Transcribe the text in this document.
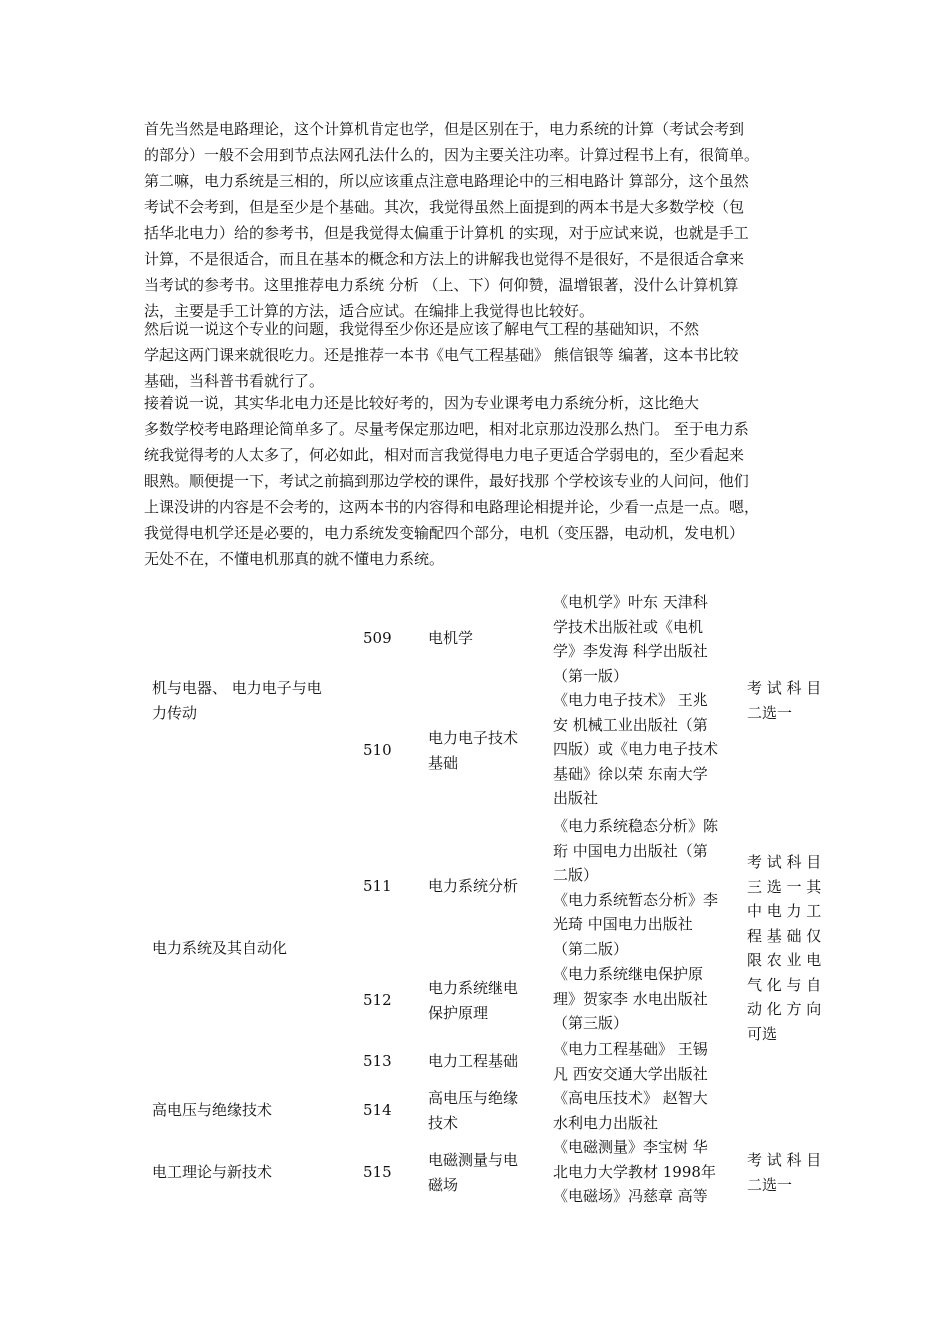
首先当然是电路理论，这个计算机肯定也学，但是区别在于，电力系统的计算（考试会考到
的部分）一般不会用到节点法网孔法什么的，因为主要关注功率。计算过程书上有，很简单。
第二嘛，电力系统是三相的，所以应该重点注意电路理论中的三相电路计 算部分，这个虽然
考试不会考到，但是至少是个基础。其次，我觉得虽然上面提到的两本书是大多数学校（包
括华北电力）给的参考书，但是我觉得太偏重于计算机 的实现，对于应试来说，也就是手工
计算，不是很适合，而且在基本的概念和方法上的讲解我也觉得不是很好，不是很适合拿来
当考试的参考书。这里推荐电力系统 分析 （上、下）何仰赞，温增银著，没什么计算机算
法，主要是手工计算的方法，适合应试。在编排上我觉得也比较好。
然后说一说这个专业的问题，我觉得至少你还是应该了解电气工程的基础知识，不然
学起这两门课来就很吃力。还是推荐一本书《电气工程基础》 熊信银等 编著，这本书比较
基础，当科普书看就行了。
接着说一说，其实华北电力还是比较好考的，因为专业课考电力系统分析，这比绝大
多数学校考电路理论简单多了。尽量考保定那边吧，相对北京那边没那么热门。 至于电力系
统我觉得考的人太多了，何必如此，相对而言我觉得电力电子更适合学弱电的，至少看起来
眼熟。顺便提一下，考试之前搞到那边学校的课件，最好找那 个学校该专业的人问问，他们
上课没讲的内容是不会考的，这两本书的内容得和电路理论相提并论，少看一点是一点。嗯，
我觉得电机学还是必要的，电力系统发变输配四个部分，电机（变压器，电动机，发电机）
无处不在，不懂电机那真的就不懂电力系统。
机与电器、 电力电子与电
力传动
电力系统及其自动化
高电压与绝缘技术
电工理论与新技术
509
510
511
512
513
514
515
电机学
电力电子技术
基础
电力系统分析
电力系统继电
保护原理
电力工程基础
高电压与绝缘
技术
电磁测量与电
磁场
《电机学》叶东 天津科
学技术出版社或《电机
学》李发海 科学出版社
（第一版）
《电力电子技术》 王兆
安 机械工业出版社（第
四版）或《电力电子技术
基础》徐以荣 东南大学
出版社
《电力系统稳态分析》陈
珩 中国电力出版社（第
二版）
《电力系统暂态分析》李
光琦 中国电力出版社
（第二版）
《电力系统继电保护原
理》贺家李 水电出版社
（第三版）
《电力工程基础》 王锡
凡 西安交通大学出版社
《高电压技术》 赵智大
水利电力出版社
《电磁测量》李宝树 华
北电力大学教材 1998年
《电磁场》冯慈章 高等
考 试 科 目
二选一
考 试 科 目
三 选 一 其
中 电 力 工
程 基 础 仅
限 农 业 电
气 化 与 自
动 化 方 向
可选
考 试 科 目
二选一
